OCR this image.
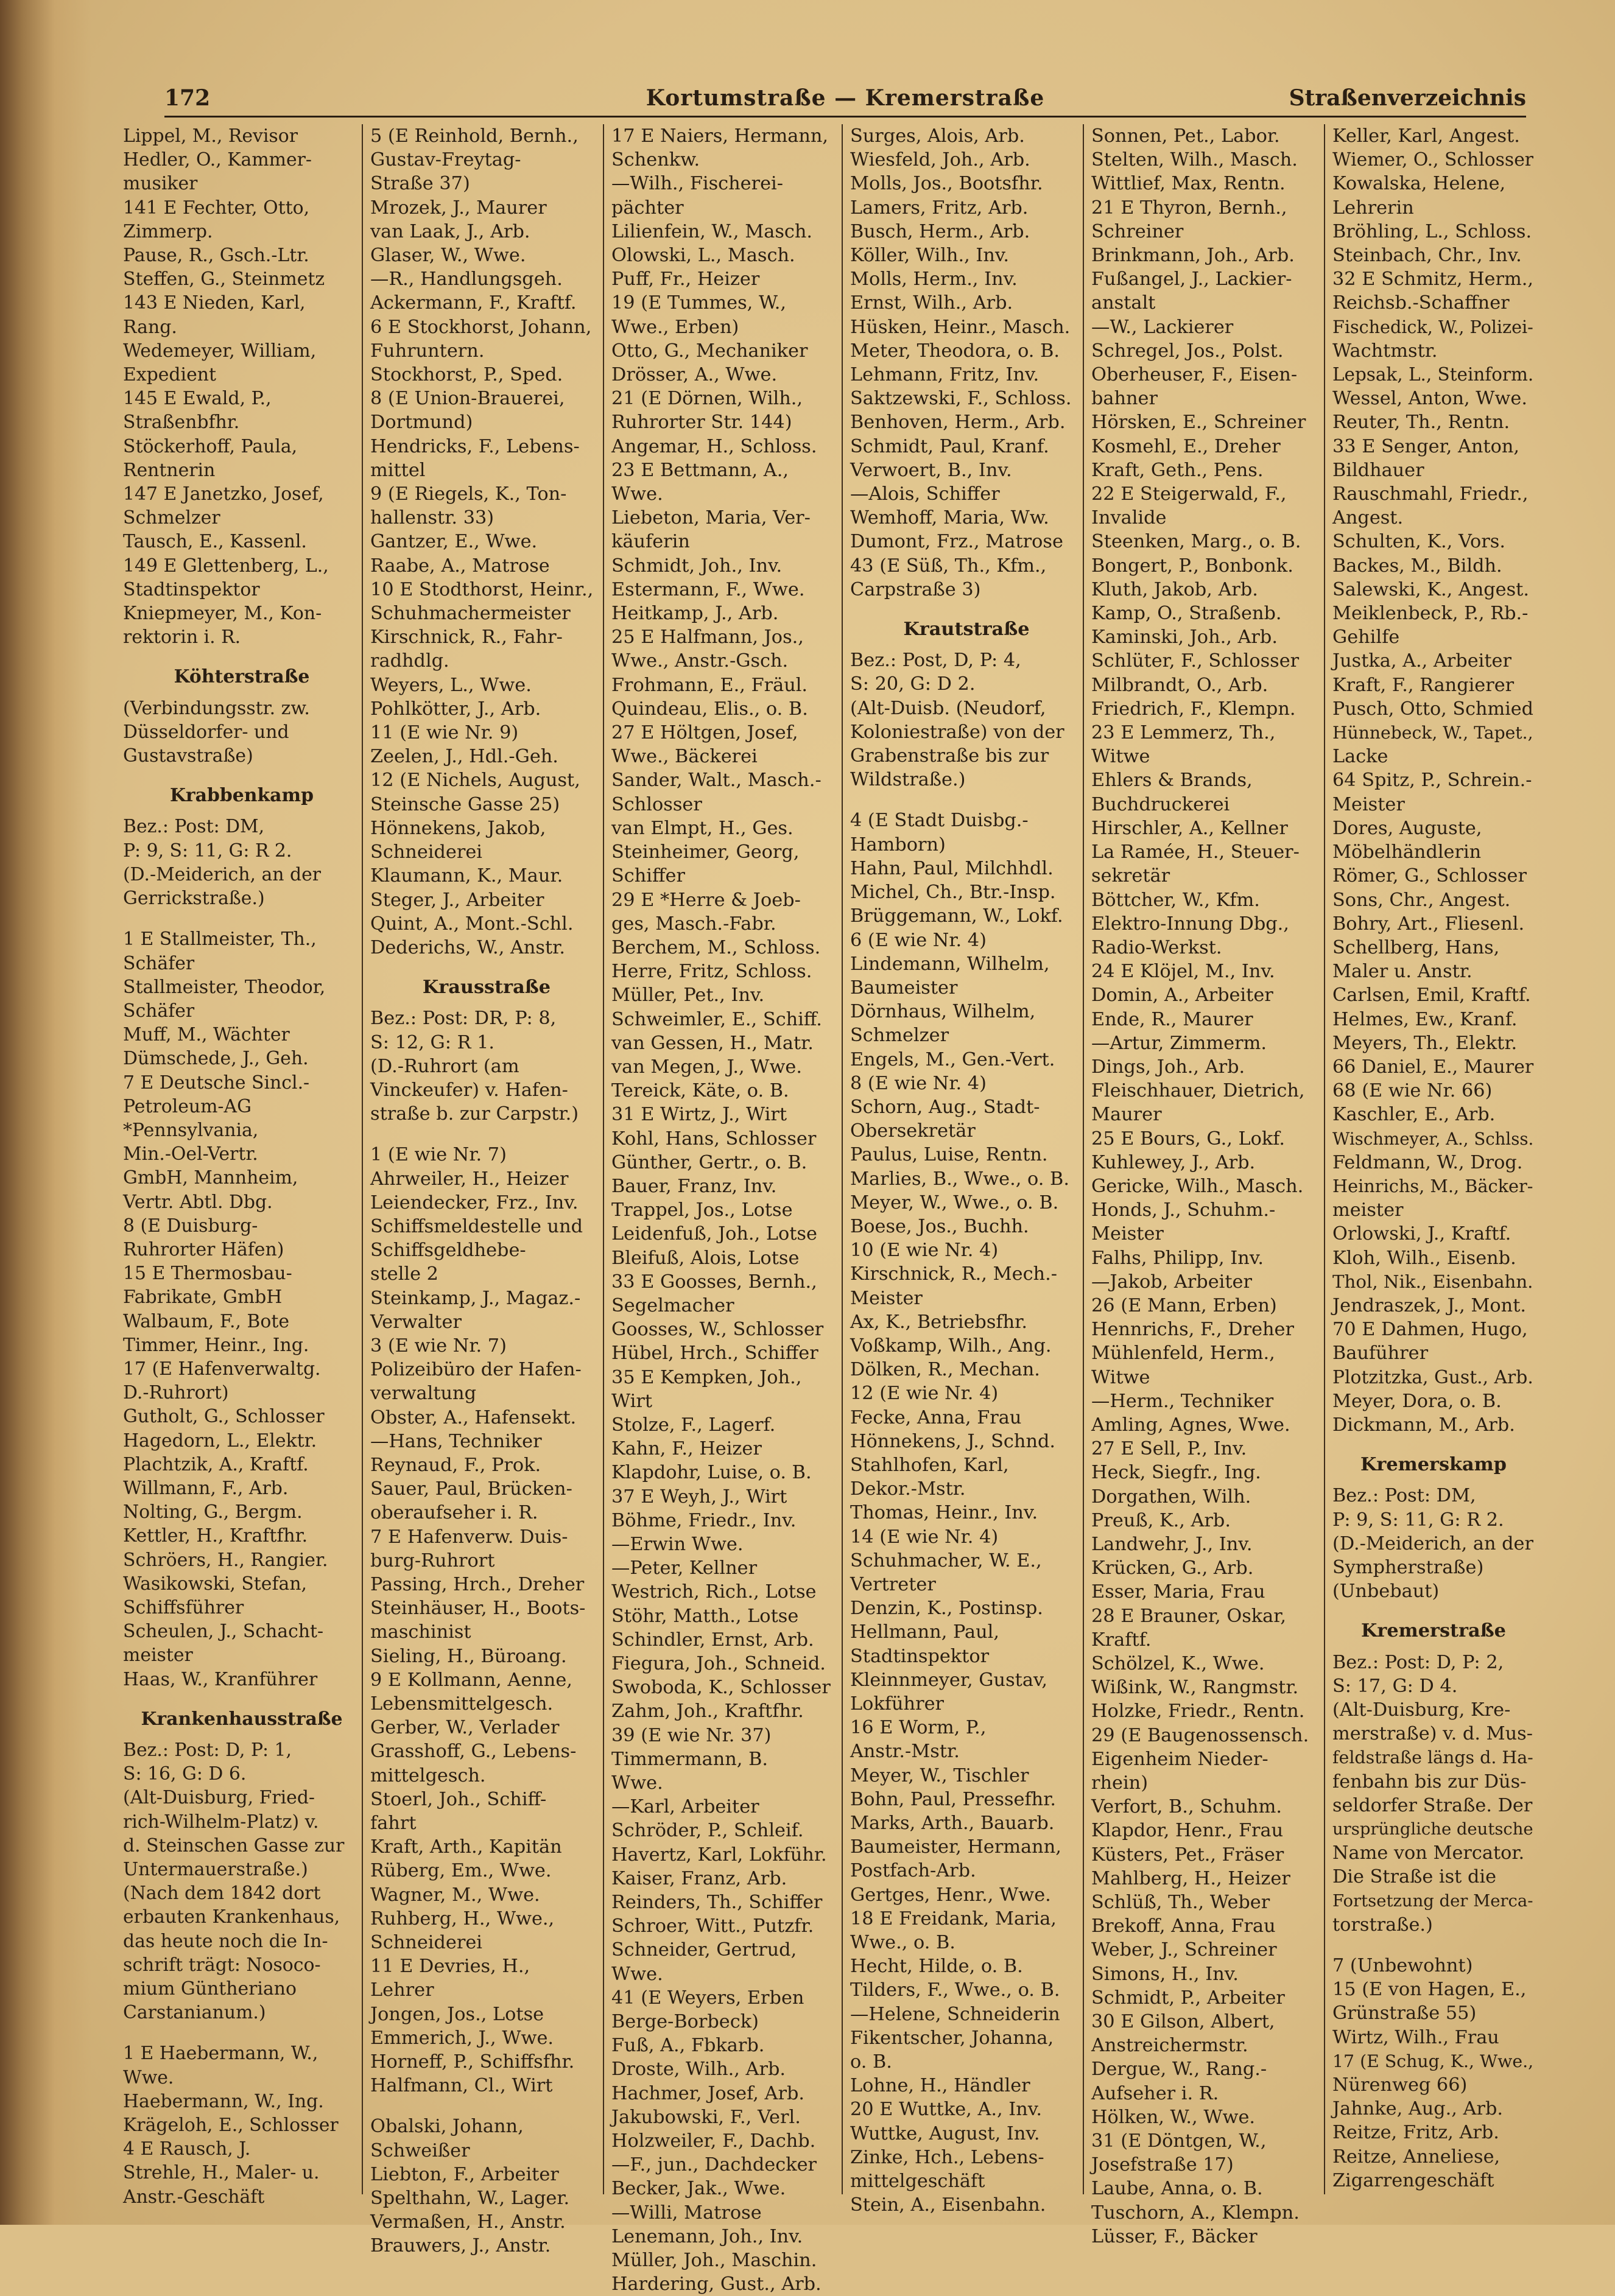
172	Kortumstraße — Kremerstraße	Straßenverzeichnis
Lippel, M., Revisor
Hedler, O., Kammer-
musiker
141 E Fechter, Otto,
Zimmerp.
Pause, R., Gsch.-Ltr.
Steffen, G., Steinmetz
143 E Nieden, Karl,
Rang.
Wedemeyer, William,
Expedient
145 E Ewald, P.,
Straßenbfhr.
Stöckerhoff, Paula,
Rentnerin
147 E Janetzko, Josef,
Schmelzer
Tausch, E., Kassenl.
149 E Glettenberg, L.,
Stadtinspektor
Kniepmeyer, M., Kon-
rektorin i. R.
Köhterstraße
(Verbindungsstr. zw.
Düsseldorfer- und
Gustavstraße)
Krabbenkamp
Bez.: Post: DM,
P: 9, S: 11, G: R 2.
(D.-Meiderich, an der
Gerrickstraße.)
1 E Stallmeister, Th.,
Schäfer
Stallmeister, Theodor,
Schäfer
Muff, M., Wächter
Dümschede, J., Geh.
7 E Deutsche Sincl.-
Petroleum-AG
*Pennsylvania,
Min.-Oel-Vertr.
GmbH, Mannheim,
Vertr. Abtl. Dbg.
8 (E Duisburg-
Ruhrorter Häfen)
15 E Thermosbau-
Fabrikate, GmbH
Walbaum, F., Bote
Timmer, Heinr., Ing.
17 (E Hafenverwaltg.
D.-Ruhrort)
Gutholt, G., Schlosser
Hagedorn, L., Elektr.
Plachtzik, A., Kraftf.
Willmann, F., Arb.
Nolting, G., Bergm.
Kettler, H., Kraftfhr.
Schröers, H., Rangier.
Wasikowski, Stefan,
Schiffsführer
Scheulen, J., Schacht-
meister
Haas, W., Kranführer
Krankenhausstraße
Bez.: Post: D, P: 1,
S: 16, G: D 6.
(Alt-Duisburg, Fried-
rich-Wilhelm-Platz) v.
d. Steinschen Gasse zur
Untermauerstraße.)
(Nach dem 1842 dort
erbauten Krankenhaus,
das heute noch die In-
schrift trägt: Nosoco-
mium Güntheriano
Carstanianum.)
1 E Haebermann, W.,
Wwe.
Haebermann, W., Ing.
Krägeloh, E., Schlosser
4 E Rausch, J.
Strehle, H., Maler- u.
Anstr.-Geschäft
5 (E Reinhold, Bernh.,
Gustav-Freytag-
Straße 37)
Mrozek, J., Maurer
van Laak, J., Arb.
Glaser, W., Wwe.
—R., Handlungsgeh.
Ackermann, F., Kraftf.
6 E Stockhorst, Johann,
Fuhruntern.
Stockhorst, P., Sped.
8 (E Union-Brauerei,
Dortmund)
Hendricks, F., Lebens-
mittel
9 (E Riegels, K., Ton-
hallenstr. 33)
Gantzer, E., Wwe.
Raabe, A., Matrose
10 E Stodthorst, Heinr.,
Schuhmachermeister
Kirschnick, R., Fahr-
radhdlg.
Weyers, L., Wwe.
Pohlkötter, J., Arb.
11 (E wie Nr. 9)
Zeelen, J., Hdl.-Geh.
12 (E Nichels, August,
Steinsche Gasse 25)
Hönnekens, Jakob,
Schneiderei
Klaumann, K., Maur.
Steger, J., Arbeiter
Quint, A., Mont.-Schl.
Dederichs, W., Anstr.
Krausstraße
Bez.: Post: DR, P: 8,
S: 12, G: R 1.
(D.-Ruhrort (am
Vinckeufer) v. Hafen-
straße b. zur Carpstr.)
1 (E wie Nr. 7)
Ahrweiler, H., Heizer
Leiendecker, Frz., Inv.
Schiffsmeldestelle und
Schiffsgeldhebe-
stelle 2
Steinkamp, J., Magaz.-
Verwalter
3 (E wie Nr. 7)
Polizeibüro der Hafen-
verwaltung
Obster, A., Hafensekt.
—Hans, Techniker
Reynaud, F., Prok.
Sauer, Paul, Brücken-
oberaufseher i. R.
7 E Hafenverw. Duis-
burg-Ruhrort
Passing, Hrch., Dreher
Steinhäuser, H., Boots-
maschinist
Sieling, H., Büroang.
9 E Kollmann, Aenne,
Lebensmittelgesch.
Gerber, W., Verlader
Grasshoff, G., Lebens-
mittelgesch.
Stoerl, Joh., Schiff-
fahrt
Kraft, Arth., Kapitän
Rüberg, Em., Wwe.
Wagner, M., Wwe.
Ruhberg, H., Wwe.,
Schneiderei
11 E Devries, H.,
Lehrer
Jongen, Jos., Lotse
Emmerich, J., Wwe.
Horneff, P., Schiffsfhr.
Halfmann, Cl., Wirt
Obalski, Johann,
Schweißer
Liebton, F., Arbeiter
Spelthahn, W., Lager.
Vermaßen, H., Anstr.
Brauwers, J., Anstr.
17 E Naiers, Hermann,
Schenkw.
—Wilh., Fischerei-
pächter
Lilienfein, W., Masch.
Olowski, L., Masch.
Puff, Fr., Heizer
19 (E Tummes, W.,
Wwe., Erben)
Otto, G., Mechaniker
Drösser, A., Wwe.
21 (E Dörnen, Wilh.,
Ruhrorter Str. 144)
Angemar, H., Schloss.
23 E Bettmann, A.,
Wwe.
Liebeton, Maria, Ver-
käuferin
Schmidt, Joh., Inv.
Estermann, F., Wwe.
Heitkamp, J., Arb.
25 E Halfmann, Jos.,
Wwe., Anstr.-Gsch.
Frohmann, E., Fräul.
Quindeau, Elis., o. B.
27 E Höltgen, Josef,
Wwe., Bäckerei
Sander, Walt., Masch.-
Schlosser
van Elmpt, H., Ges.
Steinheimer, Georg,
Schiffer
29 E *Herre & Joeb-
ges, Masch.-Fabr.
Berchem, M., Schloss.
Herre, Fritz, Schloss.
Müller, Pet., Inv.
Schweimler, E., Schiff.
van Gessen, H., Matr.
van Megen, J., Wwe.
Tereick, Käte, o. B.
31 E Wirtz, J., Wirt
Kohl, Hans, Schlosser
Günther, Gertr., o. B.
Bauer, Franz, Inv.
Trappel, Jos., Lotse
Leidenfuß, Joh., Lotse
Bleifuß, Alois, Lotse
33 E Goosses, Bernh.,
Segelmacher
Goosses, W., Schlosser
Hübel, Hrch., Schiffer
35 E Kempken, Joh.,
Wirt
Stolze, F., Lagerf.
Kahn, F., Heizer
Klapdohr, Luise, o. B.
37 E Weyh, J., Wirt
Böhme, Friedr., Inv.
—Erwin Wwe.
—Peter, Kellner
Westrich, Rich., Lotse
Stöhr, Matth., Lotse
Schindler, Ernst, Arb.
Fiegura, Joh., Schneid.
Swoboda, K., Schlosser
Zahm, Joh., Kraftfhr.
39 (E wie Nr. 37)
Timmermann, B.
Wwe.
—Karl, Arbeiter
Schröder, P., Schleif.
Havertz, Karl, Lokführ.
Kaiser, Franz, Arb.
Reinders, Th., Schiffer
Schroer, Witt., Putzfr.
Schneider, Gertrud,
Wwe.
41 (E Weyers, Erben
Berge-Borbeck)
Fuß, A., Fbkarb.
Droste, Wilh., Arb.
Hachmer, Josef, Arb.
Jakubowski, F., Verl.
Holzweiler, F., Dachb.
—F., jun., Dachdecker
Becker, Jak., Wwe.
—Willi, Matrose
Lenemann, Joh., Inv.
Müller, Joh., Maschin.
Hardering, Gust., Arb.
Surges, Alois, Arb.
Wiesfeld, Joh., Arb.
Molls, Jos., Bootsfhr.
Lamers, Fritz, Arb.
Busch, Herm., Arb.
Köller, Wilh., Inv.
Molls, Herm., Inv.
Ernst, Wilh., Arb.
Hüsken, Heinr., Masch.
Meter, Theodora, o. B.
Lehmann, Fritz, Inv.
Saktzewski, F., Schloss.
Benhoven, Herm., Arb.
Schmidt, Paul, Kranf.
Verwoert, B., Inv.
—Alois, Schiffer
Wemhoff, Maria, Ww.
Dumont, Frz., Matrose
43 (E Süß, Th., Kfm.,
Carpstraße 3)
Krautstraße
Bez.: Post, D, P: 4,
S: 20, G: D 2.
(Alt-Duisb. (Neudorf,
Koloniestraße) von der
Grabenstraße bis zur
Wildstraße.)
4 (E Stadt Duisbg.-
Hamborn)
Hahn, Paul, Milchhdl.
Michel, Ch., Btr.-Insp.
Brüggemann, W., Lokf.
6 (E wie Nr. 4)
Lindemann, Wilhelm,
Baumeister
Dörnhaus, Wilhelm,
Schmelzer
Engels, M., Gen.-Vert.
8 (E wie Nr. 4)
Schorn, Aug., Stadt-
Obersekretär
Paulus, Luise, Rentn.
Marlies, B., Wwe., o. B.
Meyer, W., Wwe., o. B.
Boese, Jos., Buchh.
10 (E wie Nr. 4)
Kirschnick, R., Mech.-
Meister
Ax, K., Betriebsfhr.
Voßkamp, Wilh., Ang.
Dölken, R., Mechan.
12 (E wie Nr. 4)
Fecke, Anna, Frau
Hönnekens, J., Schnd.
Stahlhofen, Karl,
Dekor.-Mstr.
Thomas, Heinr., Inv.
14 (E wie Nr. 4)
Schuhmacher, W. E.,
Vertreter
Denzin, K., Postinsp.
Hellmann, Paul,
Stadtinspektor
Kleinnmeyer, Gustav,
Lokführer
16 E Worm, P.,
Anstr.-Mstr.
Meyer, W., Tischler
Bohn, Paul, Pressefhr.
Marks, Arth., Bauarb.
Baumeister, Hermann,
Postfach-Arb.
Gertges, Henr., Wwe.
18 E Freidank, Maria,
Wwe., o. B.
Hecht, Hilde, o. B.
Tilders, F., Wwe., o. B.
—Helene, Schneiderin
Fikentscher, Johanna,
o. B.
Lohne, H., Händler
20 E Wuttke, A., Inv.
Wuttke, August, Inv.
Zinke, Hch., Lebens-
mittelgeschäft
Stein, A., Eisenbahn.
Sonnen, Pet., Labor.
Stelten, Wilh., Masch.
Wittlief, Max, Rentn.
21 E Thyron, Bernh.,
Schreiner
Brinkmann, Joh., Arb.
Fußangel, J., Lackier-
anstalt
—W., Lackierer
Schregel, Jos., Polst.
Oberheuser, F., Eisen-
bahner
Hörsken, E., Schreiner
Kosmehl, E., Dreher
Kraft, Geth., Pens.
22 E Steigerwald, F.,
Invalide
Steenken, Marg., o. B.
Bongert, P., Bonbonk.
Kluth, Jakob, Arb.
Kamp, O., Straßenb.
Kaminski, Joh., Arb.
Schlüter, F., Schlosser
Milbrandt, O., Arb.
Friedrich, F., Klempn.
23 E Lemmerz, Th.,
Witwe
Ehlers & Brands,
Buchdruckerei
Hirschler, A., Kellner
La Ramée, H., Steuer-
sekretär
Böttcher, W., Kfm.
Elektro-Innung Dbg.,
Radio-Werkst.
24 E Klöjel, M., Inv.
Domin, A., Arbeiter
Ende, R., Maurer
—Artur, Zimmerm.
Dings, Joh., Arb.
Fleischhauer, Dietrich,
Maurer
25 E Bours, G., Lokf.
Kuhlewey, J., Arb.
Gericke, Wilh., Masch.
Honds, J., Schuhm.-
Meister
Falhs, Philipp, Inv.
—Jakob, Arbeiter
26 (E Mann, Erben)
Hennrichs, F., Dreher
Mühlenfeld, Herm.,
Witwe
—Herm., Techniker
Amling, Agnes, Wwe.
27 E Sell, P., Inv.
Heck, Siegfr., Ing.
Dorgathen, Wilh.
Preuß, K., Arb.
Landwehr, J., Inv.
Krücken, G., Arb.
Esser, Maria, Frau
28 E Brauner, Oskar,
Kraftf.
Schölzel, K., Wwe.
Wißink, W., Rangmstr.
Holzke, Friedr., Rentn.
29 (E Baugenossensch.
Eigenheim Nieder-
rhein)
Verfort, B., Schuhm.
Klapdor, Henr., Frau
Küsters, Pet., Fräser
Mahlberg, H., Heizer
Schlüß, Th., Weber
Brekoff, Anna, Frau
Weber, J., Schreiner
Simons, H., Inv.
Schmidt, P., Arbeiter
30 E Gilson, Albert,
Anstreichermstr.
Dergue, W., Rang.-
Aufseher i. R.
Hölken, W., Wwe.
31 (E Döntgen, W.,
Josefstraße 17)
Laube, Anna, o. B.
Tuschorn, A., Klempn.
Lüsser, F., Bäcker
Keller, Karl, Angest.
Wiemer, O., Schlosser
Kowalska, Helene,
Lehrerin
Bröhling, L., Schloss.
Steinbach, Chr., Inv.
32 E Schmitz, Herm.,
Reichsb.-Schaffner
Fischedick, W., Polizei-
Wachtmstr.
Lepsak, L., Steinform.
Wessel, Anton, Wwe.
Reuter, Th., Rentn.
33 E Senger, Anton,
Bildhauer
Rauschmahl, Friedr.,
Angest.
Schulten, K., Vors.
Backes, M., Bildh.
Salewski, K., Angest.
Meiklenbeck, P., Rb.-
Gehilfe
Justka, A., Arbeiter
Kraft, F., Rangierer
Pusch, Otto, Schmied
Hünnebeck, W., Tapet.,
Lacke
64 Spitz, P., Schrein.-
Meister
Dores, Auguste,
Möbelhändlerin
Römer, G., Schlosser
Sons, Chr., Angest.
Bohry, Art., Fliesenl.
Schellberg, Hans,
Maler u. Anstr.
Carlsen, Emil, Kraftf.
Helmes, Ew., Kranf.
Meyers, Th., Elektr.
66 Daniel, E., Maurer
68 (E wie Nr. 66)
Kaschler, E., Arb.
Wischmeyer, A., Schlss.
Feldmann, W., Drog.
Heinrichs, M., Bäcker-
meister
Orlowski, J., Kraftf.
Kloh, Wilh., Eisenb.
Thol, Nik., Eisenbahn.
Jendraszek, J., Mont.
70 E Dahmen, Hugo,
Bauführer
Plotzitzka, Gust., Arb.
Meyer, Dora, o. B.
Dickmann, M., Arb.
Kremerskamp
Bez.: Post: DM,
P: 9, S: 11, G: R 2.
(D.-Meiderich, an der
Sympherstraße)
(Unbebaut)
Kremerstraße
Bez.: Post: D, P: 2,
S: 17, G: D 4.
(Alt-Duisburg, Kre-
merstraße) v. d. Mus-
feldstraße längs d. Ha-
fenbahn bis zur Düs-
seldorfer Straße. Der
ursprüngliche deutsche
Name von Mercator.
Die Straße ist die
Fortsetzung der Merca-
torstraße.)
7 (Unbewohnt)
15 (E von Hagen, E.,
Grünstraße 55)
Wirtz, Wilh., Frau
17 (E Schug, K., Wwe.,
Nürenweg 66)
Jahnke, Aug., Arb.
Reitze, Fritz, Arb.
Reitze, Anneliese,
Zigarrengeschäft
